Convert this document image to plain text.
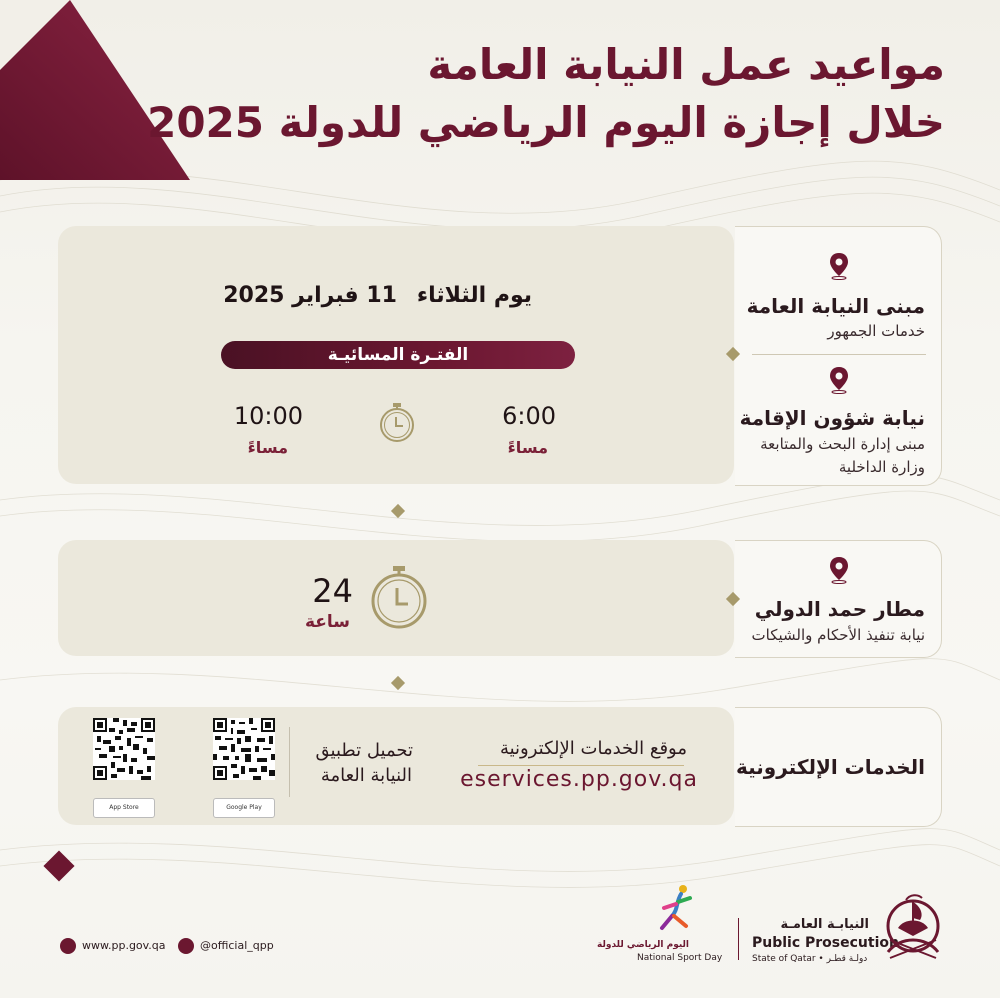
مواعيد عمل النيابة العامة
خلال إجازة اليوم الرياضي للدولة 2025
مبنى النيابة العامة
خدمات الجمهور
نيابة شؤون الإقامة
مبنى إدارة البحث والمتابعة
وزارة الداخلية
يوم الثلاثاء
11 فبراير 2025
الفتـرة المسائيـة
6:00
مساءً
10:00
مساءً
مطار حمد الدولي
نيابة تنفيذ الأحكام والشيكات
24
ساعة
الخدمات الإلكترونية
موقع الخدمات الإلكترونية
eservices.pp.gov.qa
تحميل تطبيق
النيابة العامة
Google Play
App Store
www.pp.gov.qa	@official_qpp	اليوم الرياضي للدولة
National Sport Day
النيابـة العامـة
Public Prosecution
State of Qatar • دولـة قطـر
